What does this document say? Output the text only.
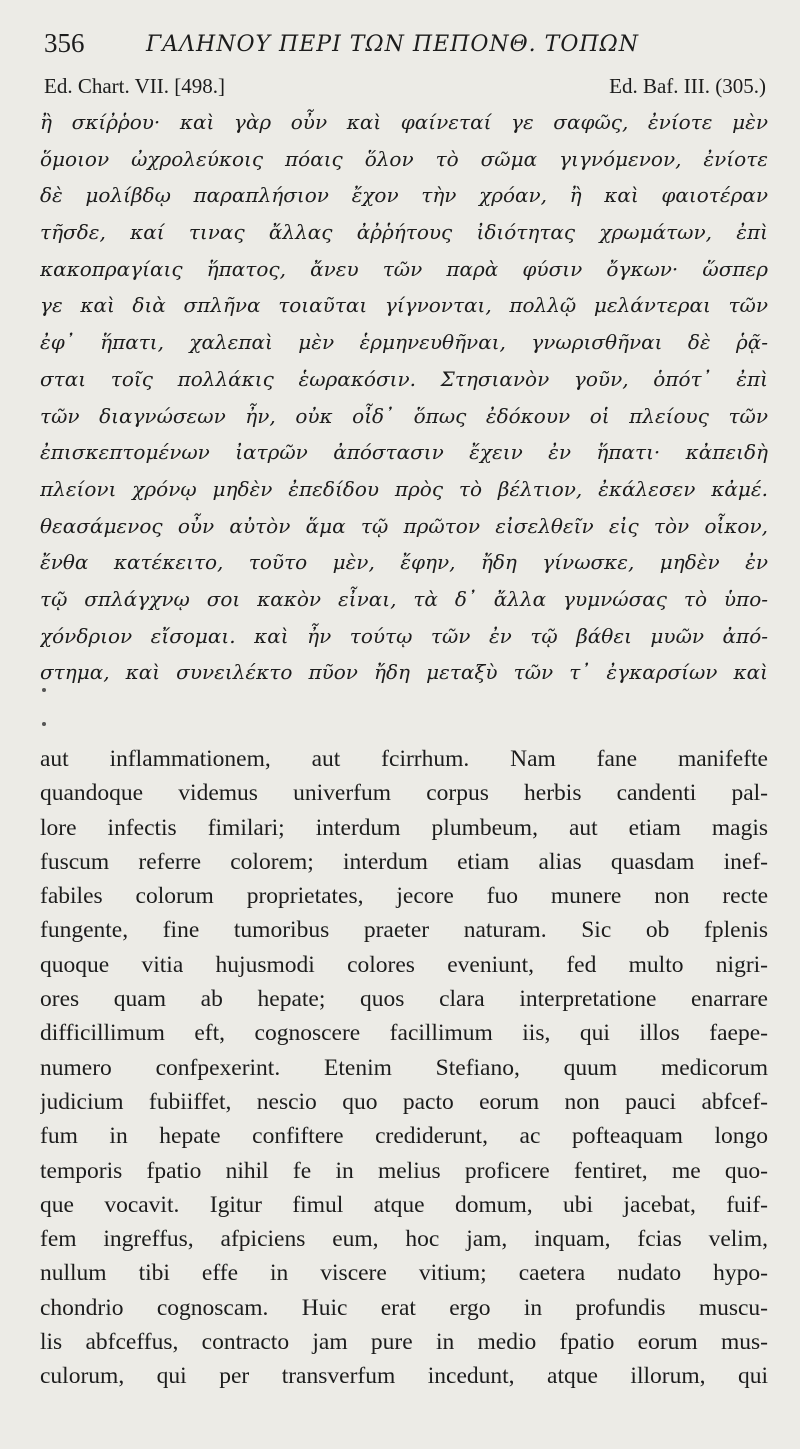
356	ΓΑΛΗΝΟΥ ΠΕΡΙ ΤΩΝ ΠΕΠΟΝΘ. ΤΟΠΩΝ
Ed. Chart. VII. [498.]	Ed. Baf. III. (305.)
ἢ σκίῤῥου· καὶ γὰρ οὖν καὶ φαίνεταί γε σαφῶς, ἐνίοτε μὲν
ὅμοιον ὠχρολεύκοις πόαις ὅλον τὸ σῶμα γιγνόμενον, ἐνίοτε
δὲ μολίβδῳ παραπλήσιον ἔχον τὴν χρόαν, ἢ καὶ φαιοτέραν
τῆσδε, καί τινας ἄλλας ἀῤῥήτους ἰδιότητας χρωμάτων, ἐπὶ
κακοπραγίαις ἥπατος, ἄνευ τῶν παρὰ φύσιν ὄγκων· ὥσπερ
γε καὶ διὰ σπλῆνα τοιαῦται γίγνονται, πολλῷ μελάντεραι τῶν
ἐφ᾽ ἥπατι, χαλεπαὶ μὲν ἑρμηνευθῆναι, γνωρισθῆναι δὲ ῥᾷ-
σται τοῖς πολλάκις ἑωρακόσιν. Στησιανὸν γοῦν, ὁπότ᾽ ἐπὶ
τῶν διαγνώσεων ἦν, οὐκ οἶδ᾽ ὅπως ἐδόκουν οἱ πλείους τῶν
ἐπισκεπτομένων ἰατρῶν ἀπόστασιν ἔχειν ἐν ἥπατι· κἀπειδὴ
πλείονι χρόνῳ μηδὲν ἐπεδίδου πρὸς τὸ βέλτιον, ἐκάλεσεν κἀμέ.
θεασάμενος οὖν αὐτὸν ἅμα τῷ πρῶτον εἰσελθεῖν εἰς τὸν οἶκον,
ἔνθα κατέκειτο, τοῦτο μὲν, ἔφην, ἤδη γίνωσκε, μηδὲν ἐν
τῷ σπλάγχνῳ σοι κακὸν εἶναι, τὰ δ᾽ ἄλλα γυμνώσας τὸ ὑπο-
χόνδριον εἴσομαι. καὶ ἦν τούτῳ τῶν ἐν τῷ βάθει μυῶν ἀπό-
στημα, καὶ συνειλέκτο πῦον ἤδη μεταξὺ τῶν τ᾽ ἐγκαρσίων καὶ
aut inflammationem, aut fcirrhum. Nam fane manifefte
quandoque videmus univerfum corpus herbis candenti pal-
lore infectis fimilari; interdum plumbeum, aut etiam magis
fuscum referre colorem; interdum etiam alias quasdam inef-
fabiles colorum proprietates, jecore fuo munere non recte
fungente, fine tumoribus praeter naturam. Sic ob fplenis
quoque vitia hujusmodi colores eveniunt, fed multo nigri-
ores quam ab hepate; quos clara interpretatione enarrare
difficillimum eft, cognoscere facillimum iis, qui illos faepe-
numero confpexerint. Etenim Stefiano, quum medicorum
judicium fubiiffet, nescio quo pacto eorum non pauci abfcef-
fum in hepate confiftere crediderunt, ac pofteaquam longo
temporis fpatio nihil fe in melius proficere fentiret, me quo-
que vocavit. Igitur fimul atque domum, ubi jacebat, fuif-
fem ingreffus, afpiciens eum, hoc jam, inquam, fcias velim,
nullum tibi effe in viscere vitium; caetera nudato hypo-
chondrio cognoscam. Huic erat ergo in profundis muscu-
lis abfceffus, contracto jam pure in medio fpatio eorum mus-
culorum, qui per transverfum incedunt, atque illorum, qui
